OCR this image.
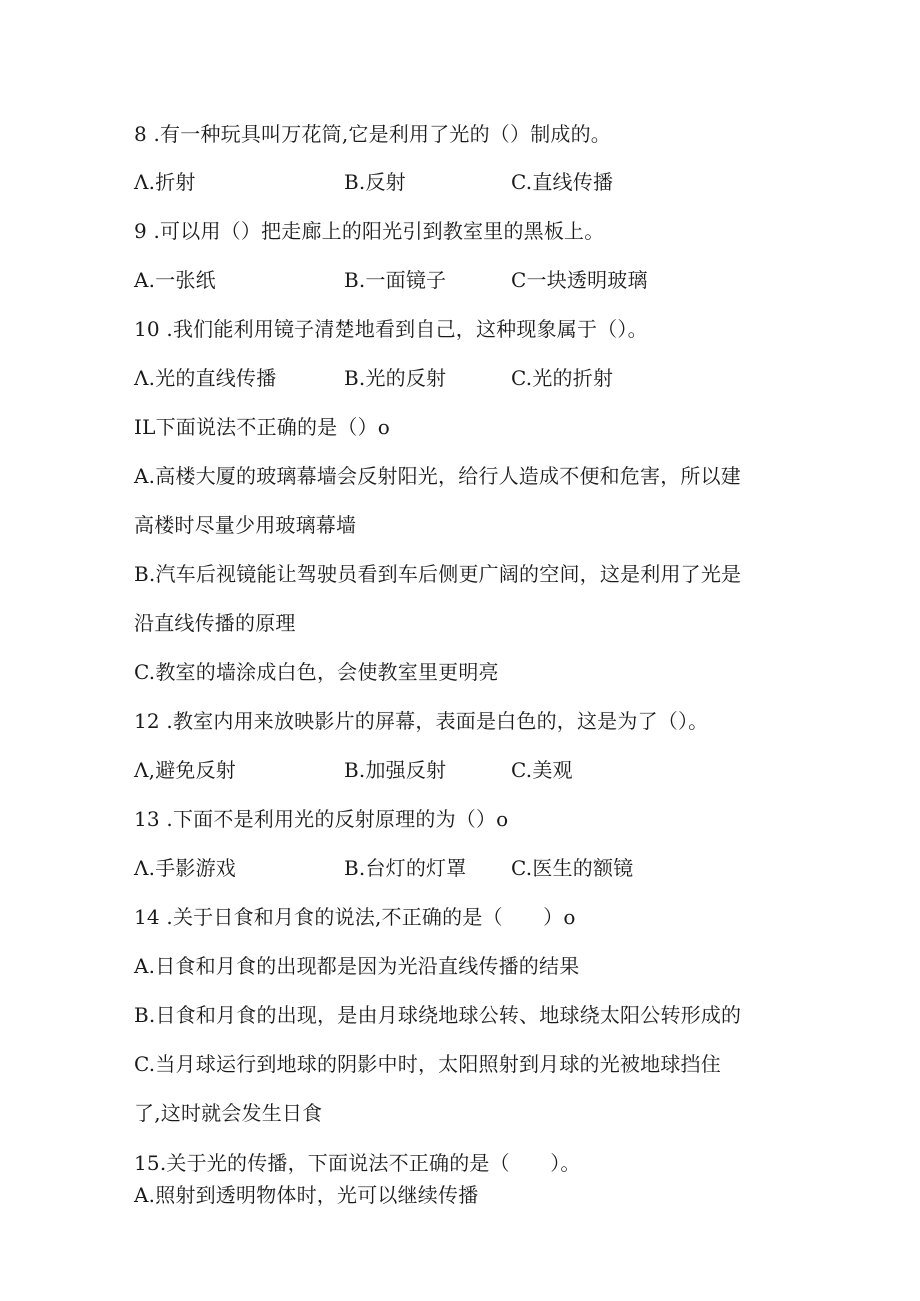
8 .有一种玩具叫万花筒,它是利用了光的（）制成的。
Λ.折射	B.反射	C.直线传播
9 .可以用（）把走廊上的阳光引到教室里的黑板上。
A.一张纸	B.一面镜子	C一块透明玻璃
10 .我们能利用镜子清楚地看到自己，这种现象属于（）。
Λ.光的直线传播	B.光的反射	C.光的折射
IL下面说法不正确的是（）o
A.高楼大厦的玻璃幕墙会反射阳光，给行人造成不便和危害，所以建
高楼时尽量少用玻璃幕墙
B.汽车后视镜能让驾驶员看到车后侧更广阔的空间，这是利用了光是
沿直线传播的原理
C.教室的墙涂成白色，会使教室里更明亮
12 .教室内用来放映影片的屏幕，表面是白色的，这是为了（）。
Λ,避免反射	B.加强反射	C.美观
13 .下面不是利用光的反射原理的为（）o
Λ.手影游戏	B.台灯的灯罩 C.医生的额镜
14 .关于日食和月食的说法,不正确的是（　　）o
A.日食和月食的出现都是因为光沿直线传播的结果
B.日食和月食的出现，是由月球绕地球公转、地球绕太阳公转形成的
C.当月球运行到地球的阴影中时，太阳照射到月球的光被地球挡住
了,这时就会发生日食
15.关于光的传播，下面说法不正确的是（　　）。
A.照射到透明物体时，光可以继续传播
